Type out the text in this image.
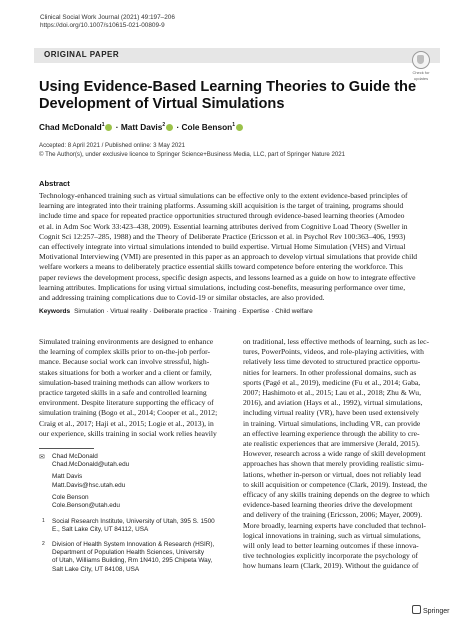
Clinical Social Work Journal (2021) 49:197–206
https://doi.org/10.1007/s10615-021-00809-9
ORIGINAL PAPER
Check for
updates
Using Evidence-Based Learning Theories to Guide the Development of Virtual Simulations
Chad McDonald$^1$ · Matt Davis$^2$ · Cole Benson$^1$
Accepted: 8 April 2021 / Published online: 3 May 2021
© The Author(s), under exclusive licence to Springer Science+Business Media, LLC, part of Springer Nature 2021
Abstract
Technology-enhanced training such as virtual simulations can be effective only to the extent evidence-based principles of
learning are integrated into their training platforms. Assuming skill acquisition is the target of training, programs should
include time and space for repeated practice opportunities structured through evidence-based learning theories (Amodeo
et al. in Adm Soc Work 33:423–438, 2009). Essential learning attributes derived from Cognitive Load Theory (Sweller in
Cognit Sci 12:257–285, 1988) and the Theory of Deliberate Practice (Ericsson et al. in Psychol Rev 100:363–406, 1993)
can effectively integrate into virtual simulations intended to build expertise. Virtual Home Simulation (VHS) and Virtual
Motivational Interviewing (VMI) are presented in this paper as an approach to develop virtual simulations that provide child
welfare workers a means to deliberately practice essential skills toward competence before entering the workforce. This
paper reviews the development process, specific design aspects, and lessons learned as a guide on how to integrate effective
learning attributes. Implications for using virtual simulations, including cost-benefits, measuring performance over time,
and addressing training complications due to Covid-19 or similar obstacles, are also provided.
Keywords Simulation · Virtual reality · Deliberate practice · Training · Expertise · Child welfare
Simulated training environments are designed to enhance
the learning of complex skills prior to on-the-job perfor-
mance. Because social work can involve stressful, high-
stakes situations for both a worker and a client or family,
simulation-based training methods can allow workers to
practice targeted skills in a safe and controlled learning
environment. Despite literature supporting the efficacy of
simulation training (Bogo et al., 2014; Cooper et al., 2012;
Craig et al., 2017; Haji et al., 2015; Logie et al., 2013), in
our experience, skills training in social work relies heavily
on traditional, less effective methods of learning, such as lec-
tures, PowerPoints, videos, and role-playing activities, with
relatively less time devoted to structured practice opportu-
nities for learners. In other professional domains, such as
sports (Pagé et al., 2019), medicine (Fu et al., 2014; Gaba,
2007; Hashimoto et al., 2015; Lau et al., 2018; Zhu & Wu,
2016), and aviation (Hays et al., 1992), virtual simulations,
including virtual reality (VR), have been used extensively
in training. Virtual simulations, including VR, can provide
an effective learning experience through the ability to cre-
ate realistic experiences that are immersive (Jerald, 2015).
However, research across a wide range of skill development
approaches has shown that merely providing realistic simu-
lations, whether in-person or virtual, does not reliably lead
to skill acquisition or competence (Clark, 2019). Instead, the
efficacy of any skills training depends on the degree to which
evidence-based learning theories drive the development
and delivery of the training (Ericsson, 2006; Mayer, 2009).
More broadly, learning experts have concluded that technol-
logical innovations in training, such as virtual simulations,
will only lead to better learning outcomes if these innova-
tive technologies explicitly incorporate the psychology of
how humans learn (Clark, 2019). Without the guidance of
✉ Chad McDonald
Chad.McDonald@utah.edu
Matt Davis
Matt.Davis@hsc.utah.edu
Cole Benson
Cole.Benson@utah.edu
1 Social Research Institute, University of Utah, 395 S. 1500
E., Salt Lake City, UT 84112, USA
2 Division of Health System Innovation & Research (HSIR),
Department of Population Health Sciences, University
of Utah, Williams Building, Rm 1N410, 295 Chipeta Way,
Salt Lake City, UT 84108, USA
Springer
